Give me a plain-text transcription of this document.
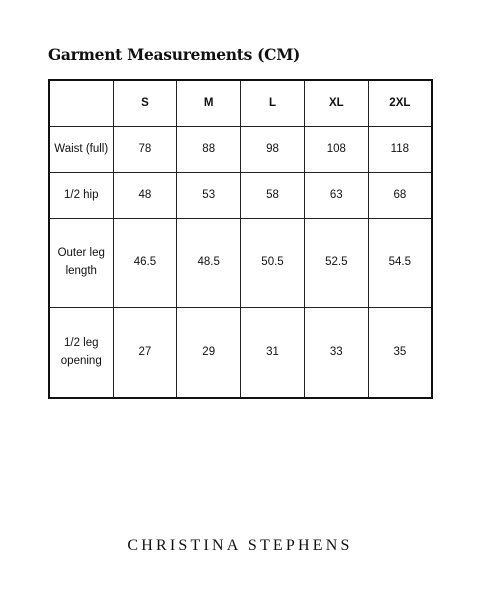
Garment Measurements (CM)
	S	M	L	XL	2XL
Waist (full)	78	88	98	108	118
1/2 hip	48	53	58	63	68
Outer leg
length	46.5	48.5	50.5	52.5	54.5
1/2 leg
opening	27	29	31	33	35
CHRISTINA STEPHENS
